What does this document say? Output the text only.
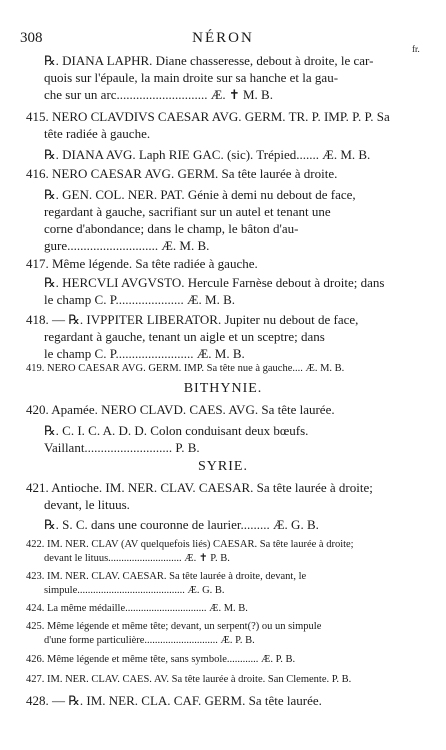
308	NÉRON
fr.
℞. DIANA LAPHR. Diane chasseresse, debout à droite, le car-
quois sur l'épaule, la main droite sur sa hanche et la gau-
che sur un arc............................ Æ. ✝ M. B.
415. NERO CLAVDIVS CAESAR AVG. GERM. TR. P. IMP. P. P. Sa

tête radiée à gauche.
℞. DIANA AVG. Laph RIE GAC. (sic). Trépied....... Æ. M. B.
416. NERO CAESAR AVG. GERM. Sa tête laurée à droite.
℞. GEN. COL. NER. PAT. Génie à demi nu debout de face,
regardant à gauche, sacrifiant sur un autel et tenant une
corne d'abondance; dans le champ, le bâton d'au-
gure............................ Æ. M. B.
417. Même légende. Sa tête radiée à gauche.
℞. HERCVLI AVGVSTO. Hercule Farnèse debout à droite; dans
le champ C. P..................... Æ. M. B.
418. — ℞. IVPPITER LIBERATOR. Jupiter nu debout de face,

regardant à gauche, tenant un aigle et un sceptre; dans
le champ C. P........................ Æ. M. B.
419. NERO CAESAR AVG. GERM. IMP. Sa tête nue à gauche.... Æ. M. B.
BITHYNIE.
420. Apamée. NERO CLAVD. CAES. AVG. Sa tête laurée.
℞. C. I. C. A. D. D. Colon conduisant deux bœufs.
Vaillant........................... P. B.
SYRIE.
421. Antioche. IM. NER. CLAV. CAESAR. Sa tête laurée à droite;

devant, le lituus.
℞. S. C. dans une couronne de laurier......... Æ. G. B.
422. IM. NER. CLAV (AV quelquefois liés) CAESAR. Sa tête laurée à droite;

devant le lituus............................ Æ. ✝ P. B.
423. IM. NER. CLAV. CAESAR. Sa tête laurée à droite, devant, le

simpule......................................... Æ. G. B.
424. La même médaille............................... Æ. M. B.
425. Même légende et même tête; devant, un serpent(?) ou un simpule

d'une forme particulière............................ Æ. P. B.
426. Même légende et même tête, sans symbole............ Æ. P. B.
427. IM. NER. CLAV. CAES. AV. Sa tête laurée à droite. San Clemente. P. B.
428. — ℞. IM. NER. CLA. CAF. GERM. Sa tête laurée.
